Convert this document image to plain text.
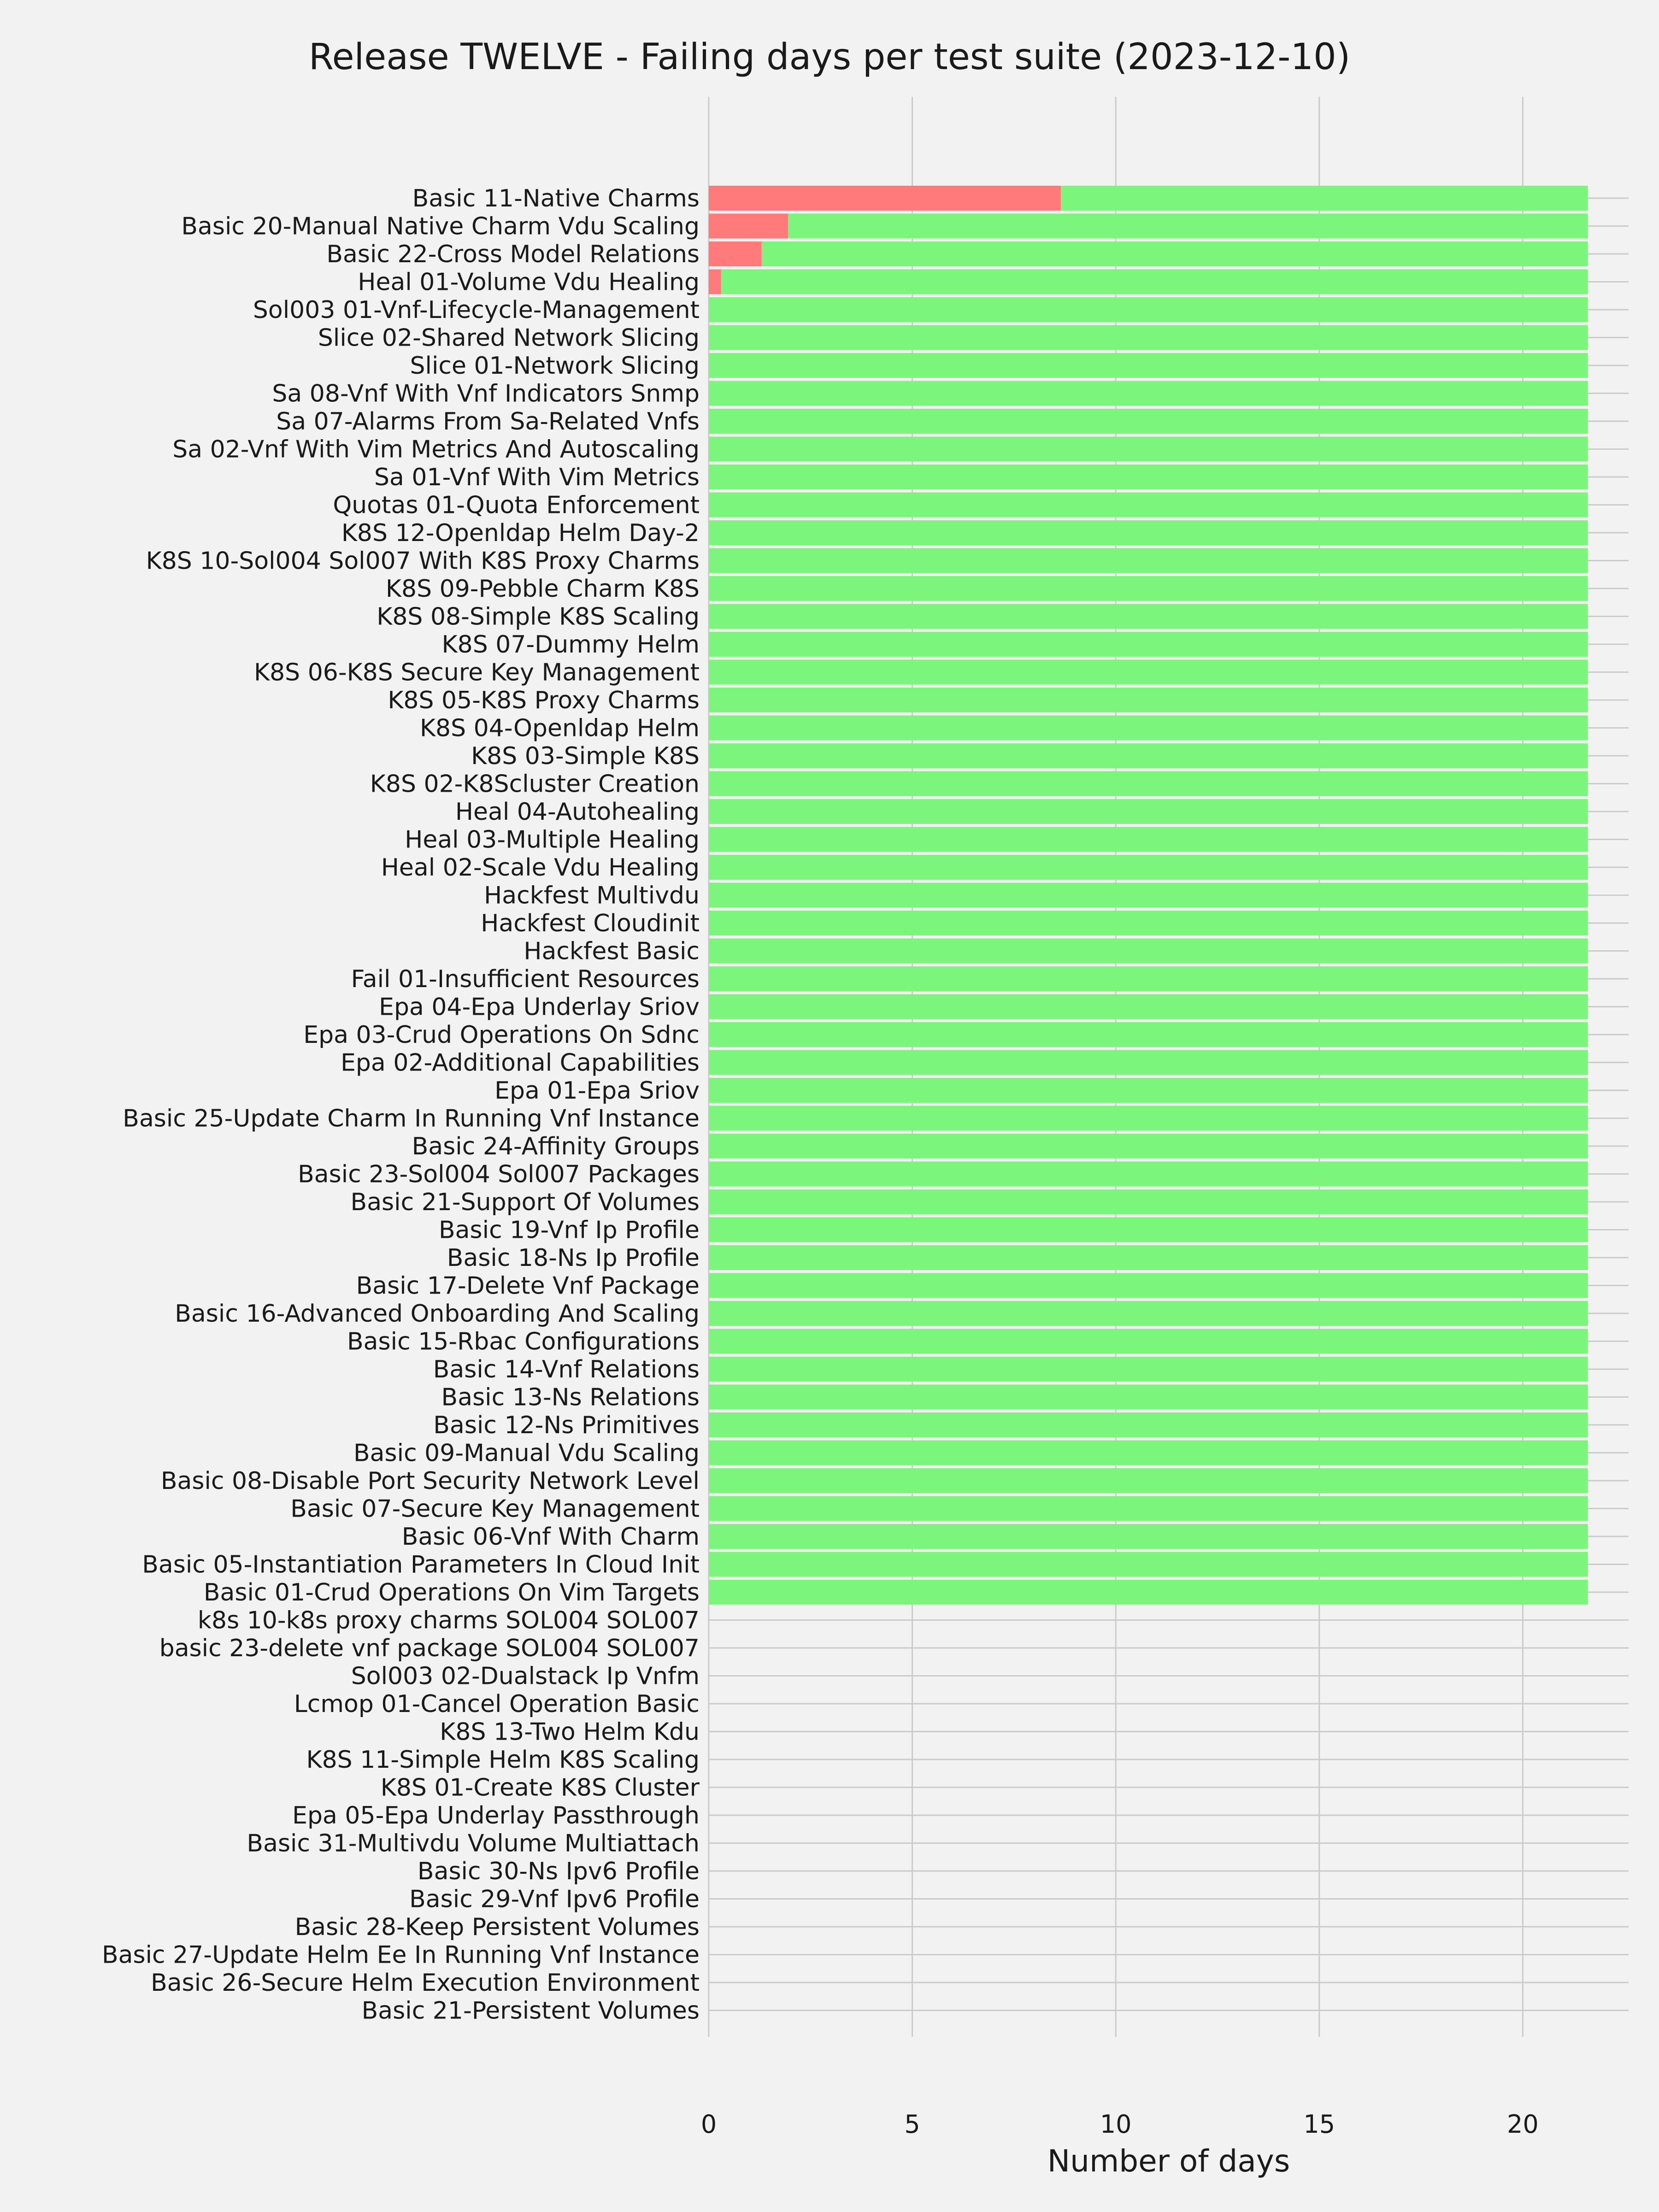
Release TWELVE - Failing days per test suite (2023-12-10)
Basic 11-Native Charms
Basic 20-Manual Native Charm Vdu Scaling
Basic 22-Cross Model Relations
Heal 01-Volume Vdu Healing
Sol003 01-Vnf-Lifecycle-Management
Slice 02-Shared Network Slicing
Slice 01-Network Slicing
Sa 08-Vnf With Vnf Indicators Snmp
Sa 07-Alarms From Sa-Related Vnfs
Sa 02-Vnf With Vim Metrics And Autoscaling
Sa 01-Vnf With Vim Metrics
Quotas 01-Quota Enforcement
K8S 12-Openldap Helm Day-2
K8S 10-Sol004 Sol007 With K8S Proxy Charms
K8S 09-Pebble Charm K8S
K8S 08-Simple K8S Scaling
K8S 07-Dummy Helm
K8S 06-K8S Secure Key Management
K8S 05-K8S Proxy Charms
K8S 04-Openldap Helm
K8S 03-Simple K8S
K8S 02-K8Scluster Creation
Heal 04-Autohealing
Heal 03-Multiple Healing
Heal 02-Scale Vdu Healing
Hackfest Multivdu
Hackfest Cloudinit
Hackfest Basic
Fail 01-Insufficient Resources
Epa 04-Epa Underlay Sriov
Epa 03-Crud Operations On Sdnc
Epa 02-Additional Capabilities
Epa 01-Epa Sriov
Basic 25-Update Charm In Running Vnf Instance
Basic 24-Affinity Groups
Basic 23-Sol004 Sol007 Packages
Basic 21-Support Of Volumes
Basic 19-Vnf Ip Profile
Basic 18-Ns Ip Profile
Basic 17-Delete Vnf Package
Basic 16-Advanced Onboarding And Scaling
Basic 15-Rbac Configurations
Basic 14-Vnf Relations
Basic 13-Ns Relations
Basic 12-Ns Primitives
Basic 09-Manual Vdu Scaling
Basic 08-Disable Port Security Network Level
Basic 07-Secure Key Management
Basic 06-Vnf With Charm
Basic 05-Instantiation Parameters In Cloud Init
Basic 01-Crud Operations On Vim Targets
k8s 10-k8s proxy charms SOL004 SOL007
basic 23-delete vnf package SOL004 SOL007
Sol003 02-Dualstack Ip Vnfm
Lcmop 01-Cancel Operation Basic
K8S 13-Two Helm Kdu
K8S 11-Simple Helm K8S Scaling
K8S 01-Create K8S Cluster
Epa 05-Epa Underlay Passthrough
Basic 31-Multivdu Volume Multiattach
Basic 30-Ns Ipv6 Profile
Basic 29-Vnf Ipv6 Profile
Basic 28-Keep Persistent Volumes
Basic 27-Update Helm Ee In Running Vnf Instance
Basic 26-Secure Helm Execution Environment
Basic 21-Persistent Volumes
0	5	10	15	20
Number of days
